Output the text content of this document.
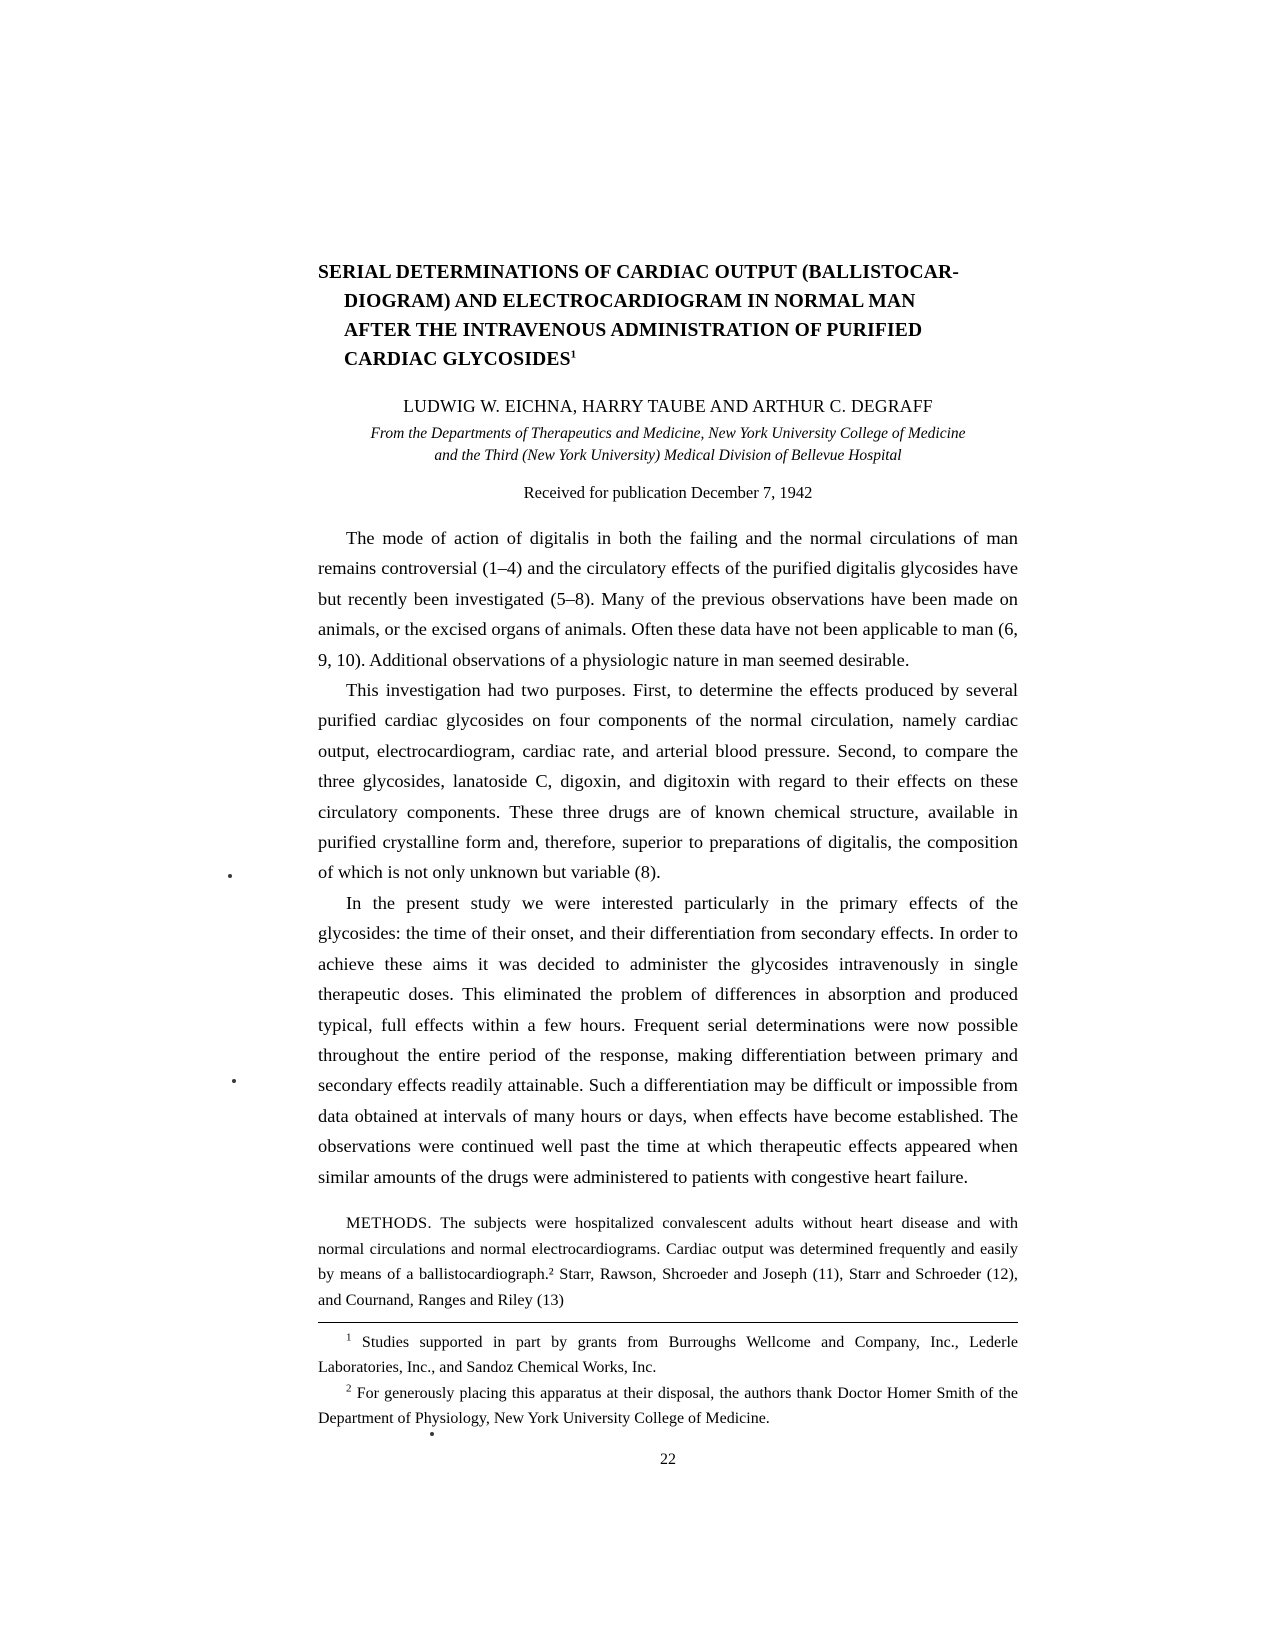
SERIAL DETERMINATIONS OF CARDIAC OUTPUT (BALLISTOCAR-
DIOGRAM) AND ELECTROCARDIOGRAM IN NORMAL MAN
AFTER THE INTRAVENOUS ADMINISTRATION OF PURIFIED
CARDIAC GLYCOSIDES$^1$
LUDWIG W. EICHNA, HARRY TAUBE AND ARTHUR C. DEGRAFF
From the Departments of Therapeutics and Medicine, New York University College of Medicine
and the Third (New York University) Medical Division of Bellevue Hospital
Received for publication December 7, 1942

The mode of action of digitalis in both the failing and the normal circulations of man remains controversial (1–4) and the circulatory effects of the purified digitalis glycosides have but recently been investigated (5–8). Many of the previous observations have been made on animals, or the excised organs of animals. Often these data have not been applicable to man (6, 9, 10). Additional observations of a physiologic nature in man seemed desirable.

This investigation had two purposes. First, to determine the effects produced by several purified cardiac glycosides on four components of the normal circulation, namely cardiac output, electrocardiogram, cardiac rate, and arterial blood pressure. Second, to compare the three glycosides, lanatoside C, digoxin, and digitoxin with regard to their effects on these circulatory components. These three drugs are of known chemical structure, available in purified crystalline form and, therefore, superior to preparations of digitalis, the composition of which is not only unknown but variable (8).

In the present study we were interested particularly in the primary effects of the glycosides: the time of their onset, and their differentiation from secondary effects. In order to achieve these aims it was decided to administer the glycosides intravenously in single therapeutic doses. This eliminated the problem of differences in absorption and produced typical, full effects within a few hours. Frequent serial determinations were now possible throughout the entire period of the response, making differentiation between primary and secondary effects readily attainable. Such a differentiation may be difficult or impossible from data obtained at intervals of many hours or days, when effects have become established. The observations were continued well past the time at which therapeutic effects appeared when similar amounts of the drugs were administered to patients with congestive heart failure.

METHODS. The subjects were hospitalized convalescent adults without heart disease and with normal circulations and normal electrocardiograms. Cardiac output was determined frequently and easily by means of a ballistocardiograph.² Starr, Rawson, Shcroeder and Joseph (11), Starr and Schroeder (12), and Cournand, Ranges and Riley (13)

$^1$ Studies supported in part by grants from Burroughs Wellcome and Company, Inc., Lederle Laboratories, Inc., and Sandoz Chemical Works, Inc.

$^2$ For generously placing this apparatus at their disposal, the authors thank Doctor Homer Smith of the Department of Physiology, New York University College of Medicine.

22
